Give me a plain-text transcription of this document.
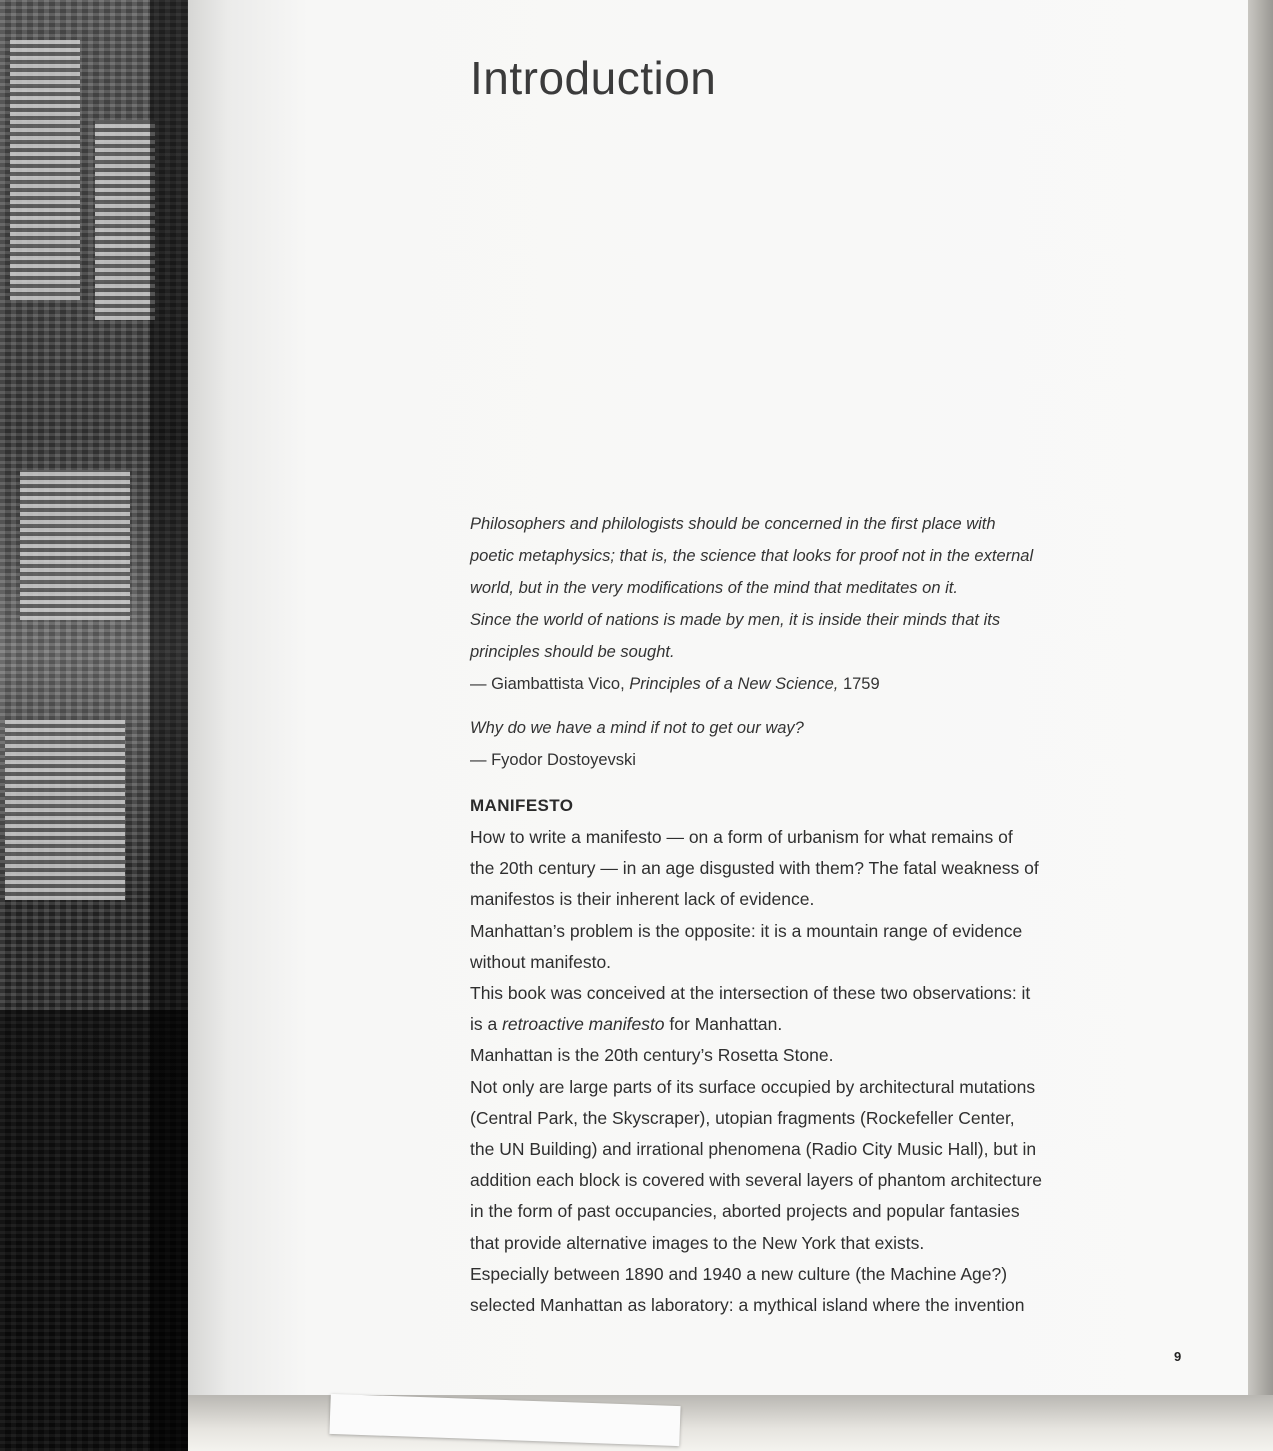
Introduction
Philosophers and philologists should be concerned in the first place with
poetic metaphysics; that is, the science that looks for proof not in the external
world, but in the very modifications of the mind that meditates on it.
Since the world of nations is made by men, it is inside their minds that its
principles should be sought.
— Giambattista Vico, Principles of a New Science, 1759
Why do we have a mind if not to get our way?
— Fyodor Dostoyevski
MANIFESTO
How to write a manifesto — on a form of urbanism for what remains of
the 20th century — in an age disgusted with them? The fatal weakness of
manifestos is their inherent lack of evidence.
Manhattan’s problem is the opposite: it is a mountain range of evidence
without manifesto.
This book was conceived at the intersection of these two observations: it
is a retroactive manifesto for Manhattan.
Manhattan is the 20th century’s Rosetta Stone.
Not only are large parts of its surface occupied by architectural mutations
(Central Park, the Skyscraper), utopian fragments (Rockefeller Center,
the UN Building) and irrational phenomena (Radio City Music Hall), but in
addition each block is covered with several layers of phantom architecture
in the form of past occupancies, aborted projects and popular fantasies
that provide alternative images to the New York that exists.
Especially between 1890 and 1940 a new culture (the Machine Age?)
selected Manhattan as laboratory: a mythical island where the invention
9
